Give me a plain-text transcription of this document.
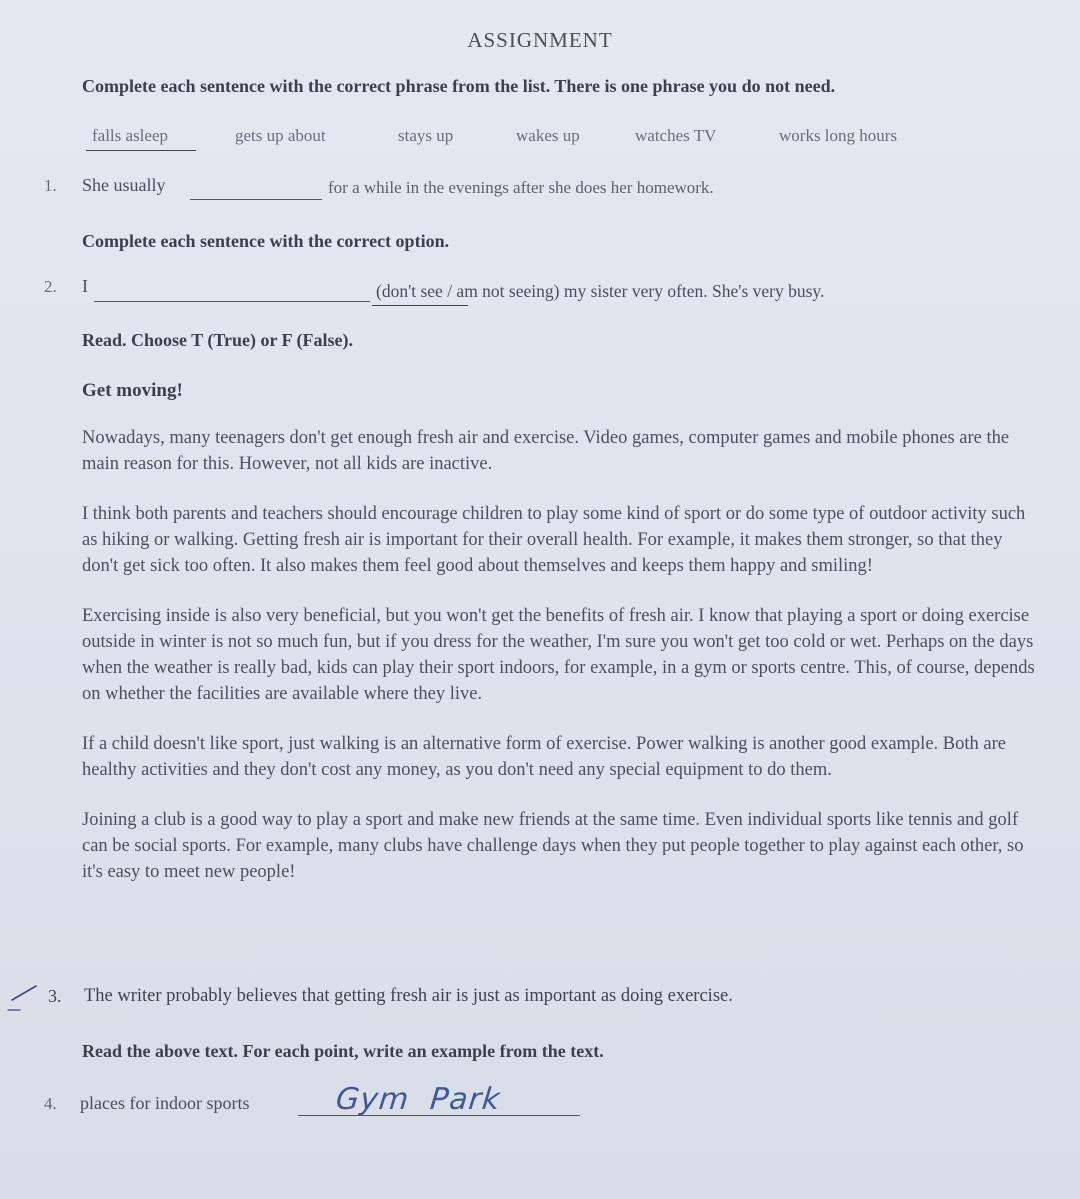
ASSIGNMENT
Complete each sentence with the correct phrase from the list. There is one phrase you do not need.
falls asleep	gets up about	stays up	wakes up	watches TV	works long hours
1. She usually	for a while in the evenings after she does her homework.
Complete each sentence with the correct option.
2. I	(don't see / am not seeing) my sister very often. She's very busy.
Read. Choose T (True) or F (False).
Get moving!

Nowadays, many teenagers don't get enough fresh air and exercise. Video games, computer games and mobile phones are the main reason for this. However, not all kids are inactive.

I think both parents and teachers should encourage children to play some kind of sport or do some type of outdoor activity such as hiking or walking. Getting fresh air is important for their overall health. For example, it makes them stronger, so that they don't get sick too often. It also makes them feel good about themselves and keeps them happy and smiling!

Exercising inside is also very beneficial, but you won't get the benefits of fresh air. I know that playing a sport or doing exercise outside in winter is not so much fun, but if you dress for the weather, I'm sure you won't get too cold or wet. Perhaps on the days when the weather is really bad, kids can play their sport indoors, for example, in a gym or sports centre. This, of course, depends on whether the facilities are available where they live.

If a child doesn't like sport, just walking is an alternative form of exercise. Power walking is another good example. Both are healthy activities and they don't cost any money, as you don't need any special equipment to do them.

Joining a club is a good way to play a sport and make new friends at the same time. Even individual sports like tennis and golf can be social sports. For example, many clubs have challenge days when they put people together to play against each other, so it's easy to meet new people!

3. The writer probably believes that getting fresh air is just as important as doing exercise.
Read the above text. For each point, write an example from the text.
4. places for indoor sports	Gym  Park
